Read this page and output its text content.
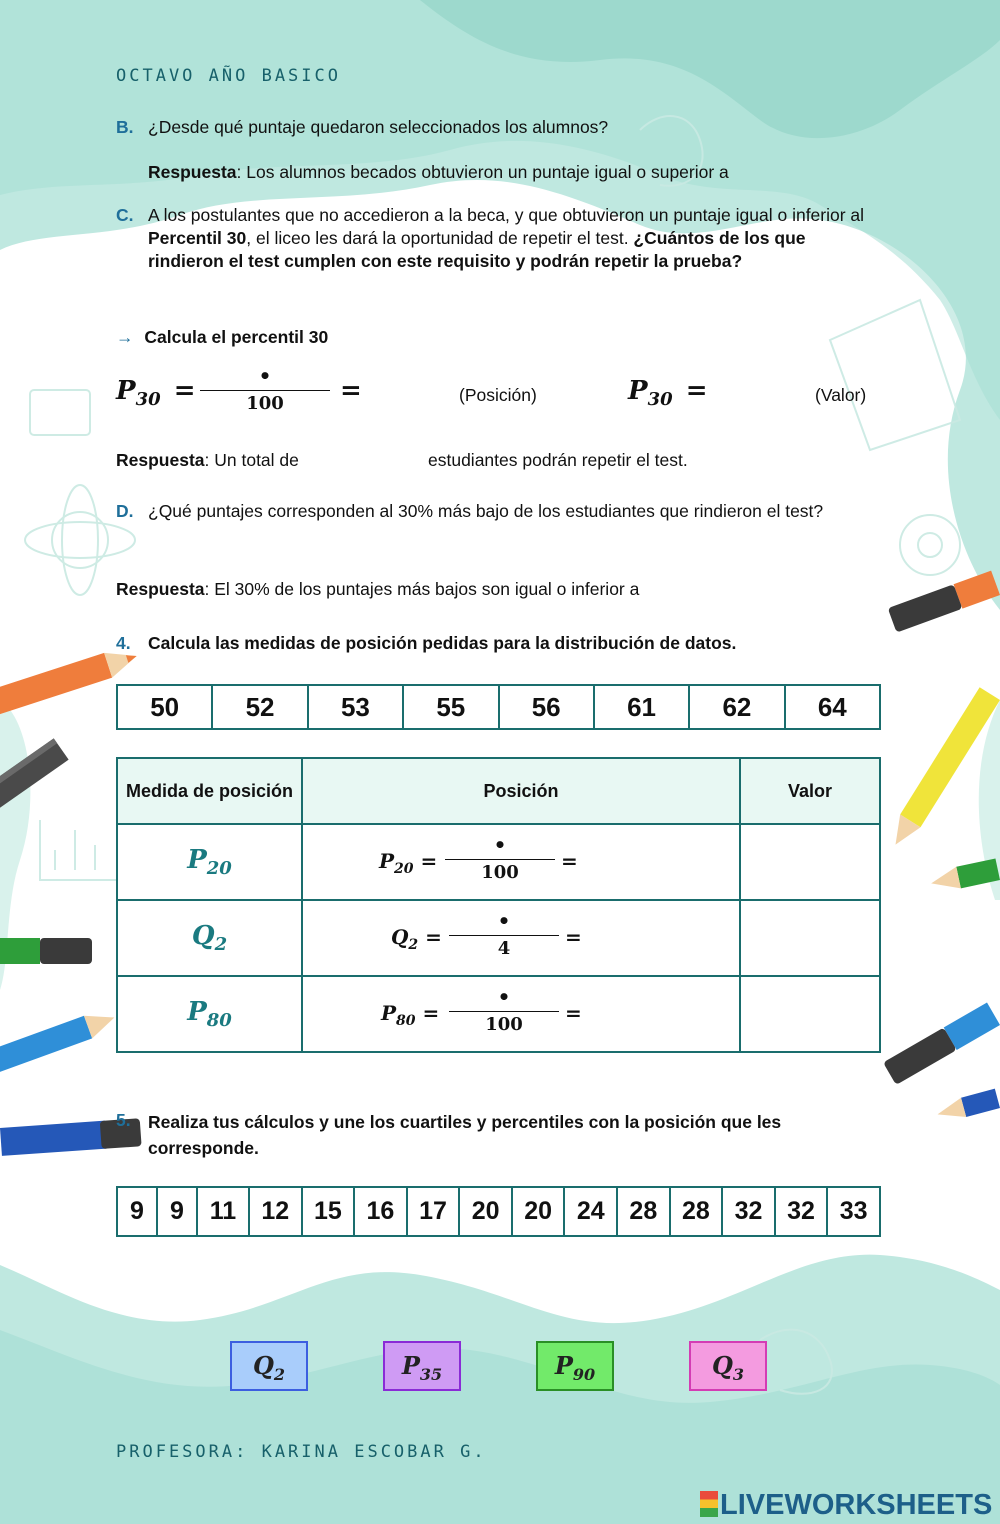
OCTAVO AÑO BASICO
B. ¿Desde qué puntaje quedaron seleccionados los alumnos?
Respuesta: Los alumnos becados obtuvieron un puntaje igual o superior a
C. A los postulantes que no accedieron a la beca, y que obtuvieron un puntaje igual o inferior al Percentil 30, el liceo les dará la oportunidad de repetir el test. ¿Cuántos de los que rindieron el test cumplen con este requisito y podrán repetir la prueba?
→ Calcula el percentil 30
$P_{30}$ =	•
100	=	(Posición)	$P_{30}$ =	(Valor)
Respuesta: Un total de	estudiantes podrán repetir el test.
D. ¿Qué puntajes corresponden al 30% más bajo de los estudiantes que rindieron el test?
Respuesta: El 30% de los puntajes más bajos son igual o inferior a
4. Calcula las medidas de posición pedidas para la distribución de datos.
50	52	53	55	56	61	62	64
Medida de posición	Posición	Valor
$P_{20}$	$P_{20}$ =
•
100 =	

$Q_2$	$Q_2$ =
•
4 =	

$P_{80}$	$P_{80}$ =
•
100 =	

5. Realiza tus cálculos y une los cuartiles y percentiles con la posición que les corresponde.
9	9	11	12	15	16	17	20	20	24	28	28	32	32	33
$Q_2$	$P_{35}$	$P_{90}$	$Q_3$
PROFESORA: KARINA ESCOBAR G.
LIVEWORKSHEETS
